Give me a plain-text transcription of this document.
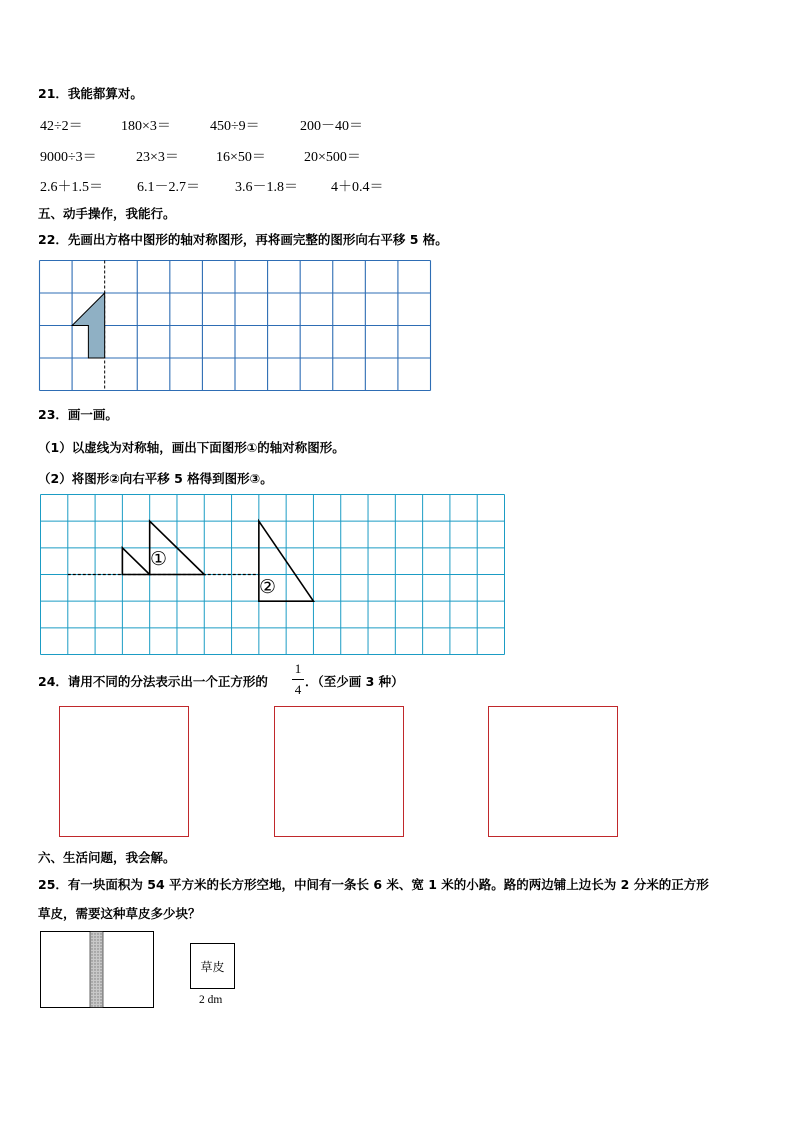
21．我能都算对。
42÷2＝	180×3＝	450÷9＝	200－40＝
9000÷3＝	23×3＝	16×50＝	20×500＝
2.6＋1.5＝ 6.1－2.7＝	3.6－1.8＝ 4＋0.4＝
五、动手操作，我能行。
22．先画出方格中图形的轴对称图形，再将画完整的图形向右平移 5 格。
23．画一画。
（1）以虚线为对称轴，画出下面图形①的轴对称图形。
（2）将图形②向右平移 5 格得到图形③。
①
②
24．请用不同的分法表示出一个正方形的
1
4
．（至少画 3 种）
六、生活问题，我会解。
25．有一块面积为 54 平方米的长方形空地，中间有一条长 6 米、宽 1 米的小路。路的两边铺上边长为 2 分米的正方形
草皮，需要这种草皮多少块？
草皮
2 dm
